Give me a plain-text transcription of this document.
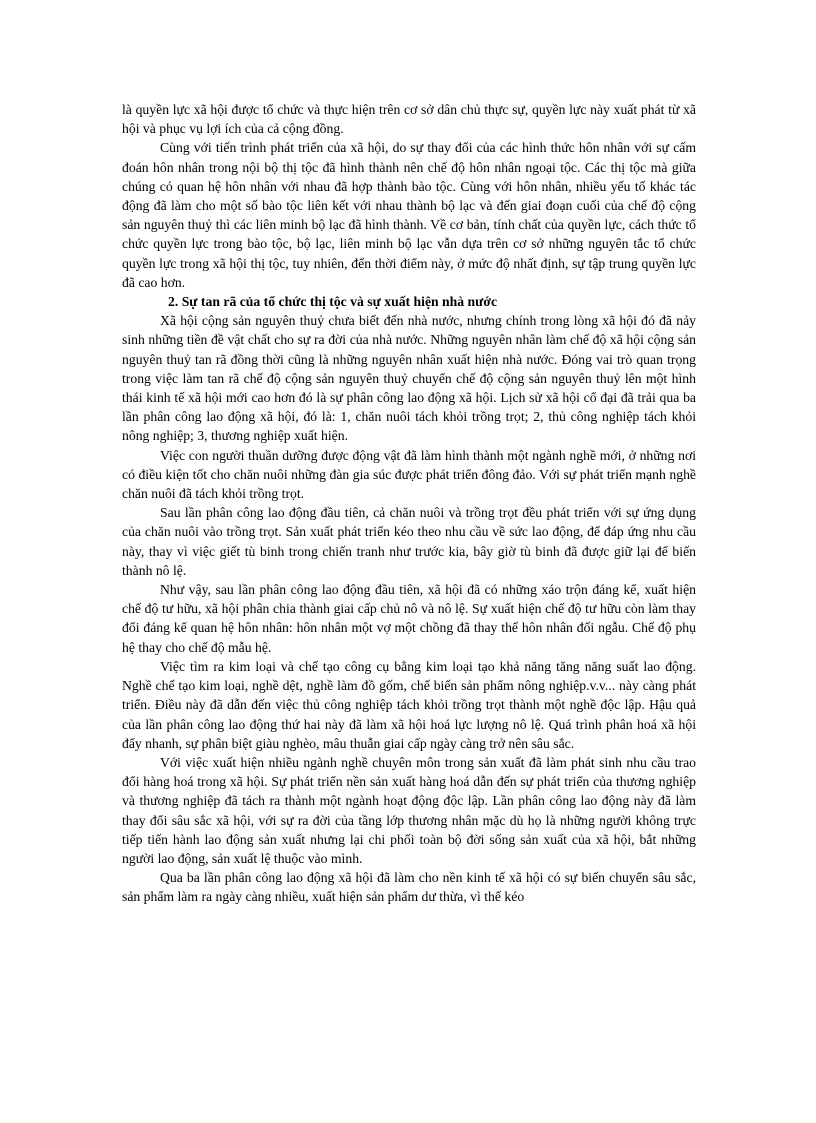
là quyền lực xã hội được tổ chức và thực hiện trên cơ sở dân chủ thực sự, quyền lực này xuất phát từ xã hội và phục vụ lợi ích của cả cộng đồng.

Cùng với tiến trình phát triển của xã hội, do sự thay đổi của các hình thức hôn nhân với sự cấm đoán hôn nhân trong nội bộ thị tộc đã hình thành nên chế độ hôn nhân ngoại tộc. Các thị tộc mà giữa chúng có quan hệ hôn nhân với nhau đã hợp thành bào tộc. Cùng với hôn nhân, nhiều yếu tố khác tác động đã làm cho một số bào tộc liên kết với nhau thành bộ lạc và đến giai đoạn cuối của chế độ cộng sản nguyên thuỷ thì các liên minh bộ lạc đã hình thành. Về cơ bản, tính chất của quyền lực, cách thức tổ chức quyền lực trong bào tộc, bộ lạc, liên minh bộ lạc vẫn dựa trên cơ sở những nguyên tắc tổ chức quyền lực trong xã hội thị tộc, tuy nhiên, đến thời điểm này, ở mức độ nhất định, sự tập trung quyền lực đã cao hơn.

2. Sự tan rã của tổ chức thị tộc và sự xuất hiện nhà nước

Xã hội cộng sản nguyên thuỷ chưa biết đến nhà nước, nhưng chính trong lòng xã hội đó đã nảy sinh những tiền đề vật chất cho sự ra đời của nhà nước. Những nguyên nhân làm chế độ xã hội cộng sản nguyên thuỷ tan rã đồng thời cũng là những nguyên nhân xuất hiện nhà nước. Đóng vai trò quan trọng trong việc làm tan rã chế độ cộng sản nguyên thuỷ chuyển chế độ cộng sản nguyên thuỷ lên một hình thái kinh tế xã hội mới cao hơn đó là sự phân công lao động xã hội. Lịch sử xã hội cổ đại đã trải qua ba lần phân công lao động xã hội, đó là: 1, chăn nuôi tách khỏi trồng trọt; 2, thủ công nghiệp tách khỏi nông nghiệp; 3, thương nghiệp xuất hiện.

Việc con người thuần dưỡng được động vật đã làm hình thành một ngành nghề mới, ở những nơi có điều kiện tốt cho chăn nuôi những đàn gia súc được phát triển đông đảo. Với sự phát triển mạnh nghề chăn nuôi đã tách khỏi trồng trọt.

Sau lần phân công lao động đầu tiên, cả chăn nuôi và trồng trọt đều phát triển với sự ứng dụng của chăn nuôi vào trồng trọt. Sản xuất phát triển kéo theo nhu cầu về sức lao động, để đáp ứng nhu cầu này, thay vì việc giết tù binh trong chiến tranh như trước kia, bây giờ tù binh đã được giữ lại để biến thành nô lệ.

Như vậy, sau lần phân công lao động đầu tiên, xã hội đã có những xáo trộn đáng kể, xuất hiện chế độ tư hữu, xã hội phân chia thành giai cấp chủ nô và nô lệ. Sự xuất hiện chế độ tư hữu còn làm thay đổi đáng kể quan hệ hôn nhân: hôn nhân một vợ một chồng đã thay thế hôn nhân đối ngẫu. Chế độ phụ hệ thay cho chế độ mẫu hệ.

Việc tìm ra kim loại và chế tạo công cụ bằng kim loại tạo khả năng tăng năng suất lao động. Nghề chế tạo kim loại, nghề dệt, nghề làm đồ gốm, chế biến sản phẩm nông nghiệp.v.v... này càng phát triển. Điều này đã dẫn đến việc thủ công nghiệp tách khỏi trồng trọt thành một nghề độc lập. Hậu quả của lần phân công lao động thứ hai này đã làm xã hội hoá lực lượng nô lệ. Quá trình phân hoá xã hội đẩy nhanh, sự phân biệt giàu nghèo, mâu thuẫn giai cấp ngày càng trở nên sâu sắc.

Với việc xuất hiện nhiều ngành nghề chuyên môn trong sản xuất đã làm phát sinh nhu cầu trao đổi hàng hoá trong xã hội. Sự phát triển nền sản xuất hàng hoá dẫn đến sự phát triển của thương nghiệp và thương nghiệp đã tách ra thành một ngành hoạt động độc lập. Lần phân công lao động này đã làm thay đổi sâu sắc xã hội, với sự ra đời của tầng lớp thương nhân mặc dù họ là những người không trực tiếp tiến hành lao động sản xuất nhưng lại chi phối toàn bộ đời sống sản xuất của xã hội, bắt những người lao động, sản xuất lệ thuộc vào mình.

Qua ba lần phân công lao động xã hội đã làm cho nền kinh tế xã hội có sự biến chuyển sâu sắc, sản phẩm làm ra ngày càng nhiều, xuất hiện sản phẩm dư thừa, vì thế kéo
